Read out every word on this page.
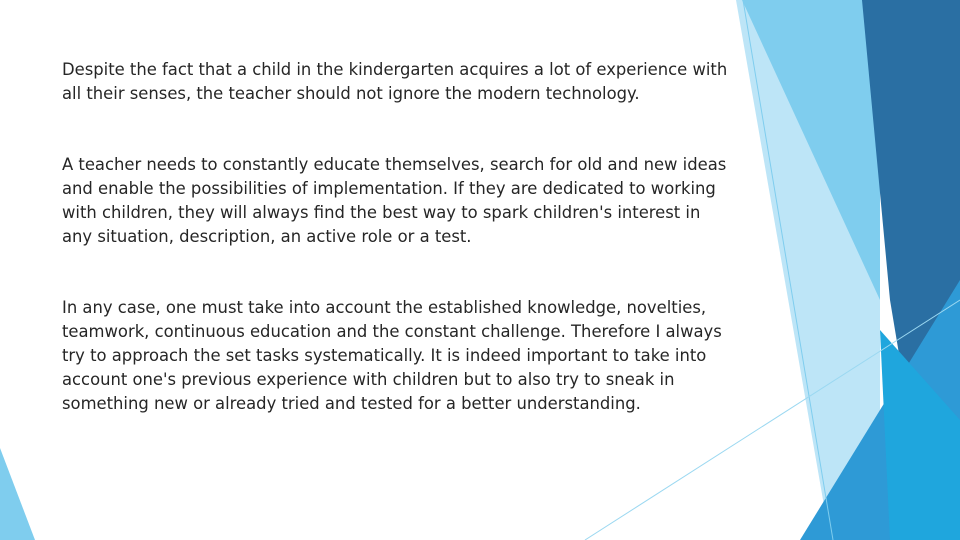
Despite the fact that a child in the kindergarten acquires a lot of experience with all their senses, the teacher should not ignore the modern technology.

A teacher needs to constantly educate themselves, search for old and new ideas and enable the possibilities of implementation. If they are dedicated to working with children, they will always find the best way to spark children's interest in any situation, description, an active role or a test.

In any case, one must take into account the established knowledge, novelties, teamwork, continuous education and the constant challenge. Therefore I always try to approach the set tasks systematically. It is indeed important to take into account one's previous experience with children but to also try to sneak in something new or already tried and tested for a better understanding.
